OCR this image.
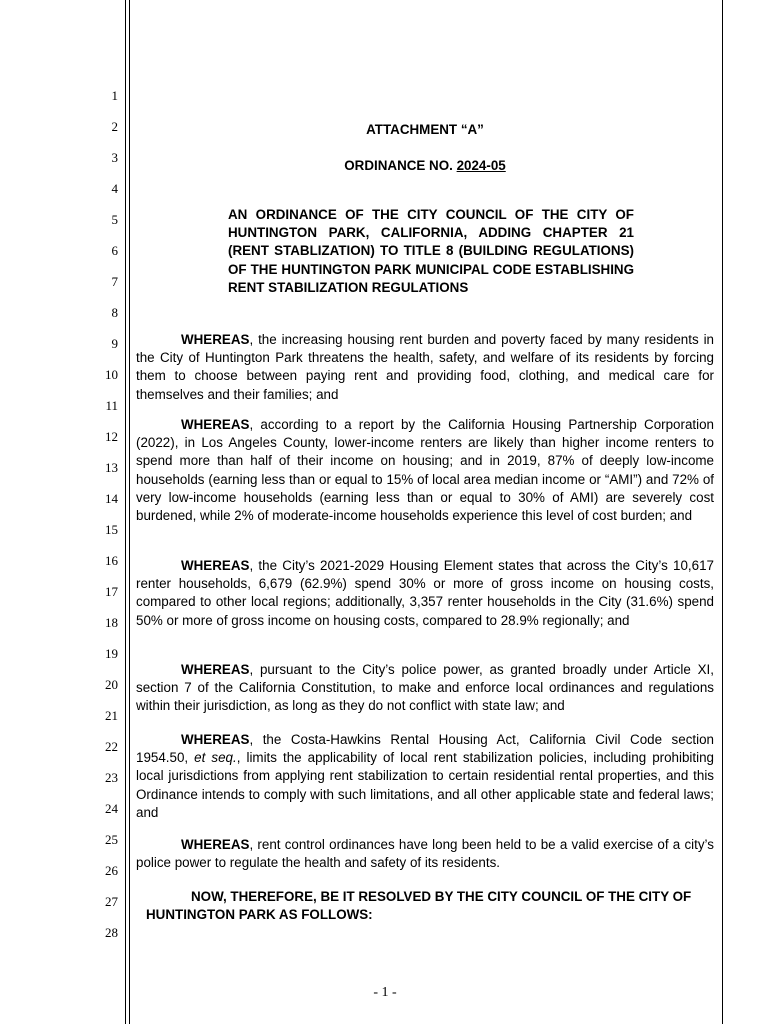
1
2
3
4
5
6
7
8
9
10
11
12
13
14
15
16
17
18
19
20
21
22
23
24
25
26
27
28
ATTACHMENT “A”
ORDINANCE NO. 2024-05
AN ORDINANCE OF THE CITY COUNCIL OF THE CITY OF HUNTINGTON PARK, CALIFORNIA, ADDING CHAPTER 21 (RENT STABLIZATION) TO TITLE 8 (BUILDING REGULATIONS) OF THE HUNTINGTON PARK MUNICIPAL CODE ESTABLISHING RENT STABILIZATION REGULATIONS
WHEREAS, the increasing housing rent burden and poverty faced by many residents in the City of Huntington Park threatens the health, safety, and welfare of its residents by forcing them to choose between paying rent and providing food, clothing, and medical care for themselves and their families; and
WHEREAS, according to a report by the California Housing Partnership Corporation (2022), in Los Angeles County, lower-income renters are likely than higher income renters to spend more than half of their income on housing; and in 2019, 87% of deeply low-income households (earning less than or equal to 15% of local area median income or “AMI”) and 72% of very low-income households (earning less than or equal to 30% of AMI) are severely cost burdened, while 2% of moderate-income households experience this level of cost burden; and
WHEREAS, the City’s 2021-2029 Housing Element states that across the City’s 10,617 renter households, 6,679 (62.9%) spend 30% or more of gross income on housing costs, compared to other local regions; additionally, 3,357 renter households in the City (31.6%) spend 50% or more of gross income on housing costs, compared to 28.9% regionally; and
WHEREAS, pursuant to the City’s police power, as granted broadly under Article XI, section 7 of the California Constitution, to make and enforce local ordinances and regulations within their jurisdiction, as long as they do not conflict with state law; and
WHEREAS, the Costa-Hawkins Rental Housing Act, California Civil Code section 1954.50, et seq., limits the applicability of local rent stabilization policies, including prohibiting local jurisdictions from applying rent stabilization to certain residential rental properties, and this Ordinance intends to comply with such limitations, and all other applicable state and federal laws; and
WHEREAS, rent control ordinances have long been held to be a valid exercise of a city’s police power to regulate the health and safety of its residents.
NOW, THEREFORE, BE IT RESOLVED BY THE CITY COUNCIL OF THE CITY OF HUNTINGTON PARK AS FOLLOWS:
- 1 -
